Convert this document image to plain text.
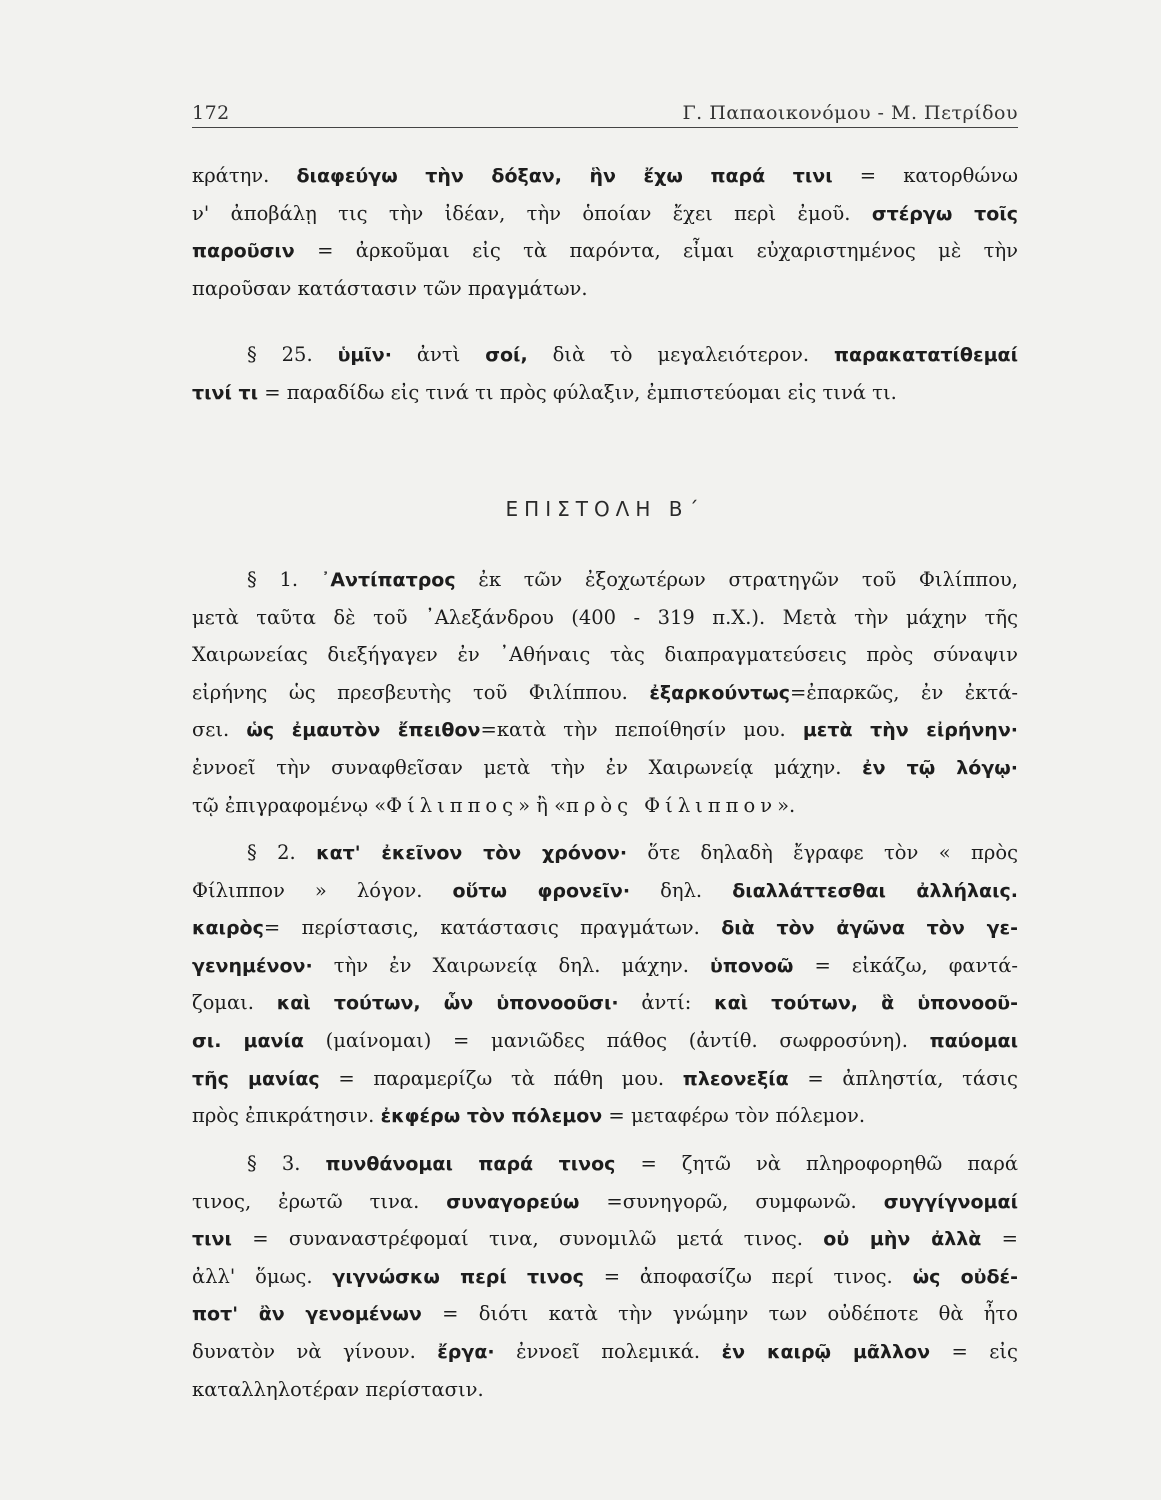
172	Γ. Παπαοικονόμου - Μ. Πετρίδου
κράτην. διαφεύγω τὴν δόξαν, ἣν ἔχω παρά τινι = κατορθώνω
ν' ἀποβάλῃ τις τὴν ἰδέαν, τὴν ὁποίαν ἔχει περὶ ἐμοῦ. στέργω τοῖς
παροῦσιν = ἀρκοῦμαι εἰς τὰ παρόντα, εἶμαι εὐχαριστημένος μὲ τὴν
παροῦσαν κατάστασιν τῶν πραγμάτων.
§ 25. ὑμῖν· ἀντὶ σοί, διὰ τὸ μεγαλειότερον. παρακατατίθεμαί
τινί τι = παραδίδω εἰς τινά τι πρὸς φύλαξιν, ἐμπιστεύομαι εἰς τινά τι.
ΕΠΙΣΤΟΛΗ Β΄
§ 1. ᾿Αντίπατρος ἐκ τῶν ἐξοχωτέρων στρατηγῶν τοῦ Φιλίππου,
μετὰ ταῦτα δὲ τοῦ ᾿Αλεξάνδρου (400 - 319 π.Χ.). Μετὰ τὴν μάχην τῆς
Χαιρωνείας διεξήγαγεν ἐν ᾿Αθήναις τὰς διαπραγματεύσεις πρὸς σύναψιν
εἰρήνης ὡς πρεσβευτὴς τοῦ Φιλίππου. ἐξαρκούντως=ἐπαρκῶς, ἐν ἐκτά-
σει. ὡς ἐμαυτὸν ἔπειθον=κατὰ τὴν πεποίθησίν μου. μετὰ τὴν εἰρήνην·
ἐννοεῖ τὴν συναφθεῖσαν μετὰ τὴν ἐν Χαιρωνείᾳ μάχην. ἐν τῷ λόγῳ·
τῷ ἐπιγραφομένῳ «Φίλιππος» ἢ «πρὸς Φίλιππον».
§ 2. κατ' ἐκεῖνον τὸν χρόνον· ὅτε δηλαδὴ ἔγραφε τὸν « πρὸς
Φίλιππον » λόγον. οὕτω φρονεῖν· δηλ. διαλλάττεσθαι ἀλλήλαις.
καιρὸς= περίστασις, κατάστασις πραγμάτων. διὰ τὸν ἀγῶνα τὸν γε-
γενημένον· τὴν ἐν Χαιρωνείᾳ δηλ. μάχην. ὑπονοῶ = εἰκάζω, φαντά-
ζομαι. καὶ τούτων, ὧν ὑπονοοῦσι· ἀντί: καὶ τούτων, ἃ ὑπονοοῦ-
σι. μανία (μαίνομαι) = μανιῶδες πάθος (ἀντίθ. σωφροσύνη). παύομαι
τῆς μανίας = παραμερίζω τὰ πάθη μου. πλεονεξία = ἀπληστία, τάσις
πρὸς ἐπικράτησιν. ἐκφέρω τὸν πόλεμον = μεταφέρω τὸν πόλεμον.
§ 3. πυνθάνομαι παρά τινος = ζητῶ νὰ πληροφορηθῶ παρά
τινος, ἐρωτῶ τινα. συναγορεύω =συνηγορῶ, συμφωνῶ. συγγίγνομαί
τινι = συναναστρέφομαί τινα, συνομιλῶ μετά τινος. οὐ μὴν ἀλλὰ =
ἀλλ' ὅμως. γιγνώσκω περί τινος = ἀποφασίζω περί τινος. ὡς οὐδέ-
ποτ' ἂν γενομένων = διότι κατὰ τὴν γνώμην των οὐδέποτε θὰ ἦτο
δυνατὸν νὰ γίνουν. ἔργα· ἐννοεῖ πολεμικά. ἐν καιρῷ μᾶλλον = εἰς
καταλληλοτέραν περίστασιν.
